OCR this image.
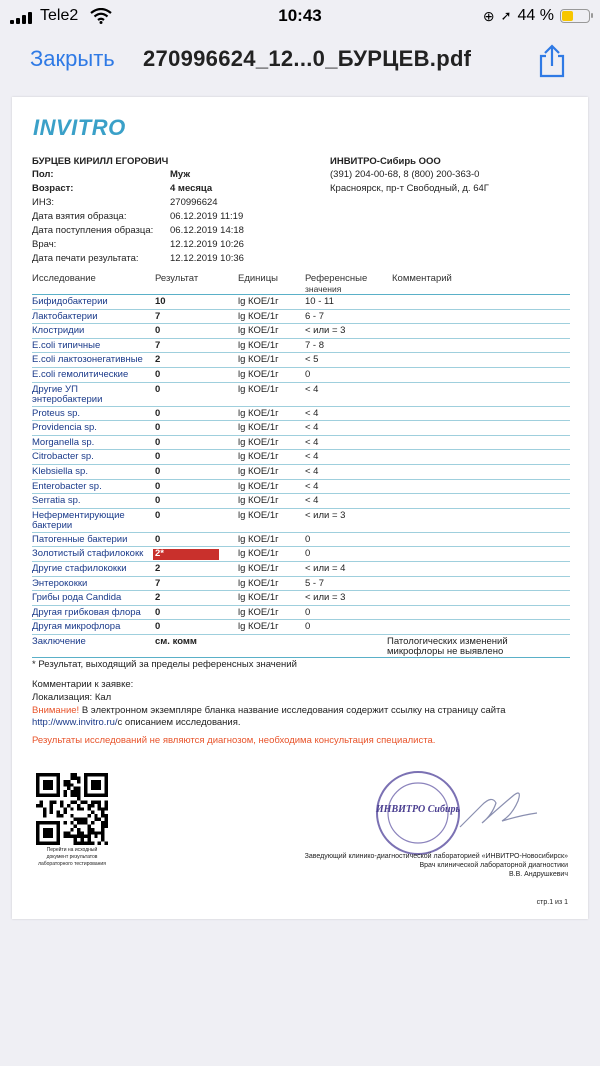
Tele2	10:43	⊕ ➚ 44 %
Закрыть 270996624_12...0_БУРЦЕВ.pdf
INVITRO
БУРЦЕВ КИРИЛЛ ЕГОРОВИЧ
Пол:	Муж
Возраст:	4 месяца
ИНЗ:	270996624
Дата взятия образца:	06.12.2019 11:19
Дата поступления образца: 06.12.2019 14:18
Врач:	12.12.2019 10:26
Дата печати результата:	12.12.2019 10:36
ИНВИТРО-Сибирь ООО
(391) 204-00-68, 8 (800) 200-363-0
Красноярск, пр-т Свободный, д. 64Г
Исследование	Результат	Единицы	Референсные
значения
Комментарий
* Результат, выходящий за пределы референсных значений
Комментарии к заявке:
Локализация: Кал
Внимание! В электронном экземпляре бланка название исследования содержит ссылку на страницу сайта
http://www.invitro.ru/с описанием исследования.
Результаты исследований не являются диагнозом, необходима консультация специалиста.
Перейти на исходный
документ результатов
лабораторного тестирования
ИНВИТРО Сибирь
Заведующий клинико-диагностической лабораторией «ИНВИТРО-Новосибирск»
Врач клинической лабораторной диагностики
В.В. Андрушкевич
стр.1 из 1
Бифидобактерии	10	lg КОЕ/1г	10 - 11
Лактобактерии	7	lg КОЕ/1г	6 - 7
Клостридии	0	lg КОЕ/1г	< или = 3
E.coli типичные	7	lg КОЕ/1г	7 - 8
E.coli лактозонегативные 2	lg КОЕ/1г	< 5
E.coli гемолитические	0	lg КОЕ/1г	0
Другие УП
энтеробактерии
0	lg КОЕ/1г	< 4
Proteus sp.	0	lg КОЕ/1г	< 4
Providencia sp.	0	lg КОЕ/1г	< 4
Morganella sp.	0	lg КОЕ/1г	< 4
Citrobacter sp.	0	lg КОЕ/1г	< 4
Klebsiella sp.	0	lg КОЕ/1г	< 4
Enterobacter sp.	0	lg КОЕ/1г	< 4
Serratia sp.	0	lg КОЕ/1г	< 4
Неферментирующие
бактерии
0	lg КОЕ/1г	< или = 3
Патогенные бактерии	0	lg КОЕ/1г	0
Золотистый стафилококк 2*	lg КОЕ/1г	0
Другие стафилококки	2	lg КОЕ/1г	< или = 4
Энтерококки	7	lg КОЕ/1г	5 - 7
Грибы рода Candida	2	lg КОЕ/1г	< или = 3
Другая грибковая флора 0	lg КОЕ/1г	0
Другая микрофлора	0	lg КОЕ/1г	0
Заключение	см. комм	Патологических изменений
микрофлоры не выявлено
